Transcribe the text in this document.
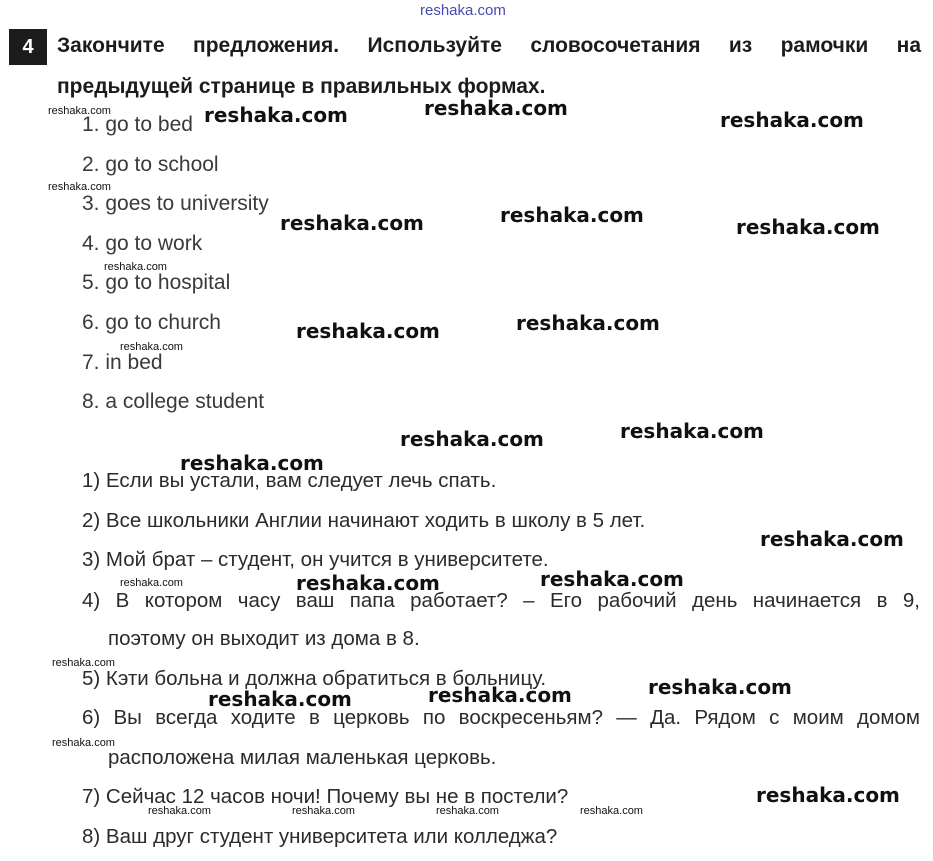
reshaka.com
4	Закончите предложения. Используйте словосочетания из рамочки на
предыдущей странице в правильных формах.
1. go to bed
2. go to school
3. goes to university
4. go to work
5. go to hospital
6. go to church
7. in bed
8. a college student
1) Если вы устали, вам следует лечь спать.
2) Все школьники Англии начинают ходить в школу в 5 лет.
3) Мой брат – студент, он учится в университете.
4) В котором часу ваш папа работает? – Его рабочий день начинается в 9,
поэтому он выходит из дома в 8.
5) Кэти больна и должна обратиться в больницу.
6) Вы всегда ходите в церковь по воскресеньям? — Да. Рядом с моим домом
расположена милая маленькая церковь.
7) Сейчас 12 часов ночи! Почему вы не в постели?
8) Ваш друг студент университета или колледжа?
reshaka.com	reshaka.com	reshaka.com	reshaka.com
reshaka.com
reshaka.com	reshaka.com	reshaka.com
reshaka.com
reshaka.com	reshaka.com
reshaka.com
reshaka.com	reshaka.com
reshaka.com
reshaka.com
reshaka.com	reshaka.com	reshaka.com
reshaka.com
reshaka.com	reshaka.com	reshaka.com
reshaka.com
reshaka.com
reshaka.com	reshaka.com	reshaka.com	reshaka.com
